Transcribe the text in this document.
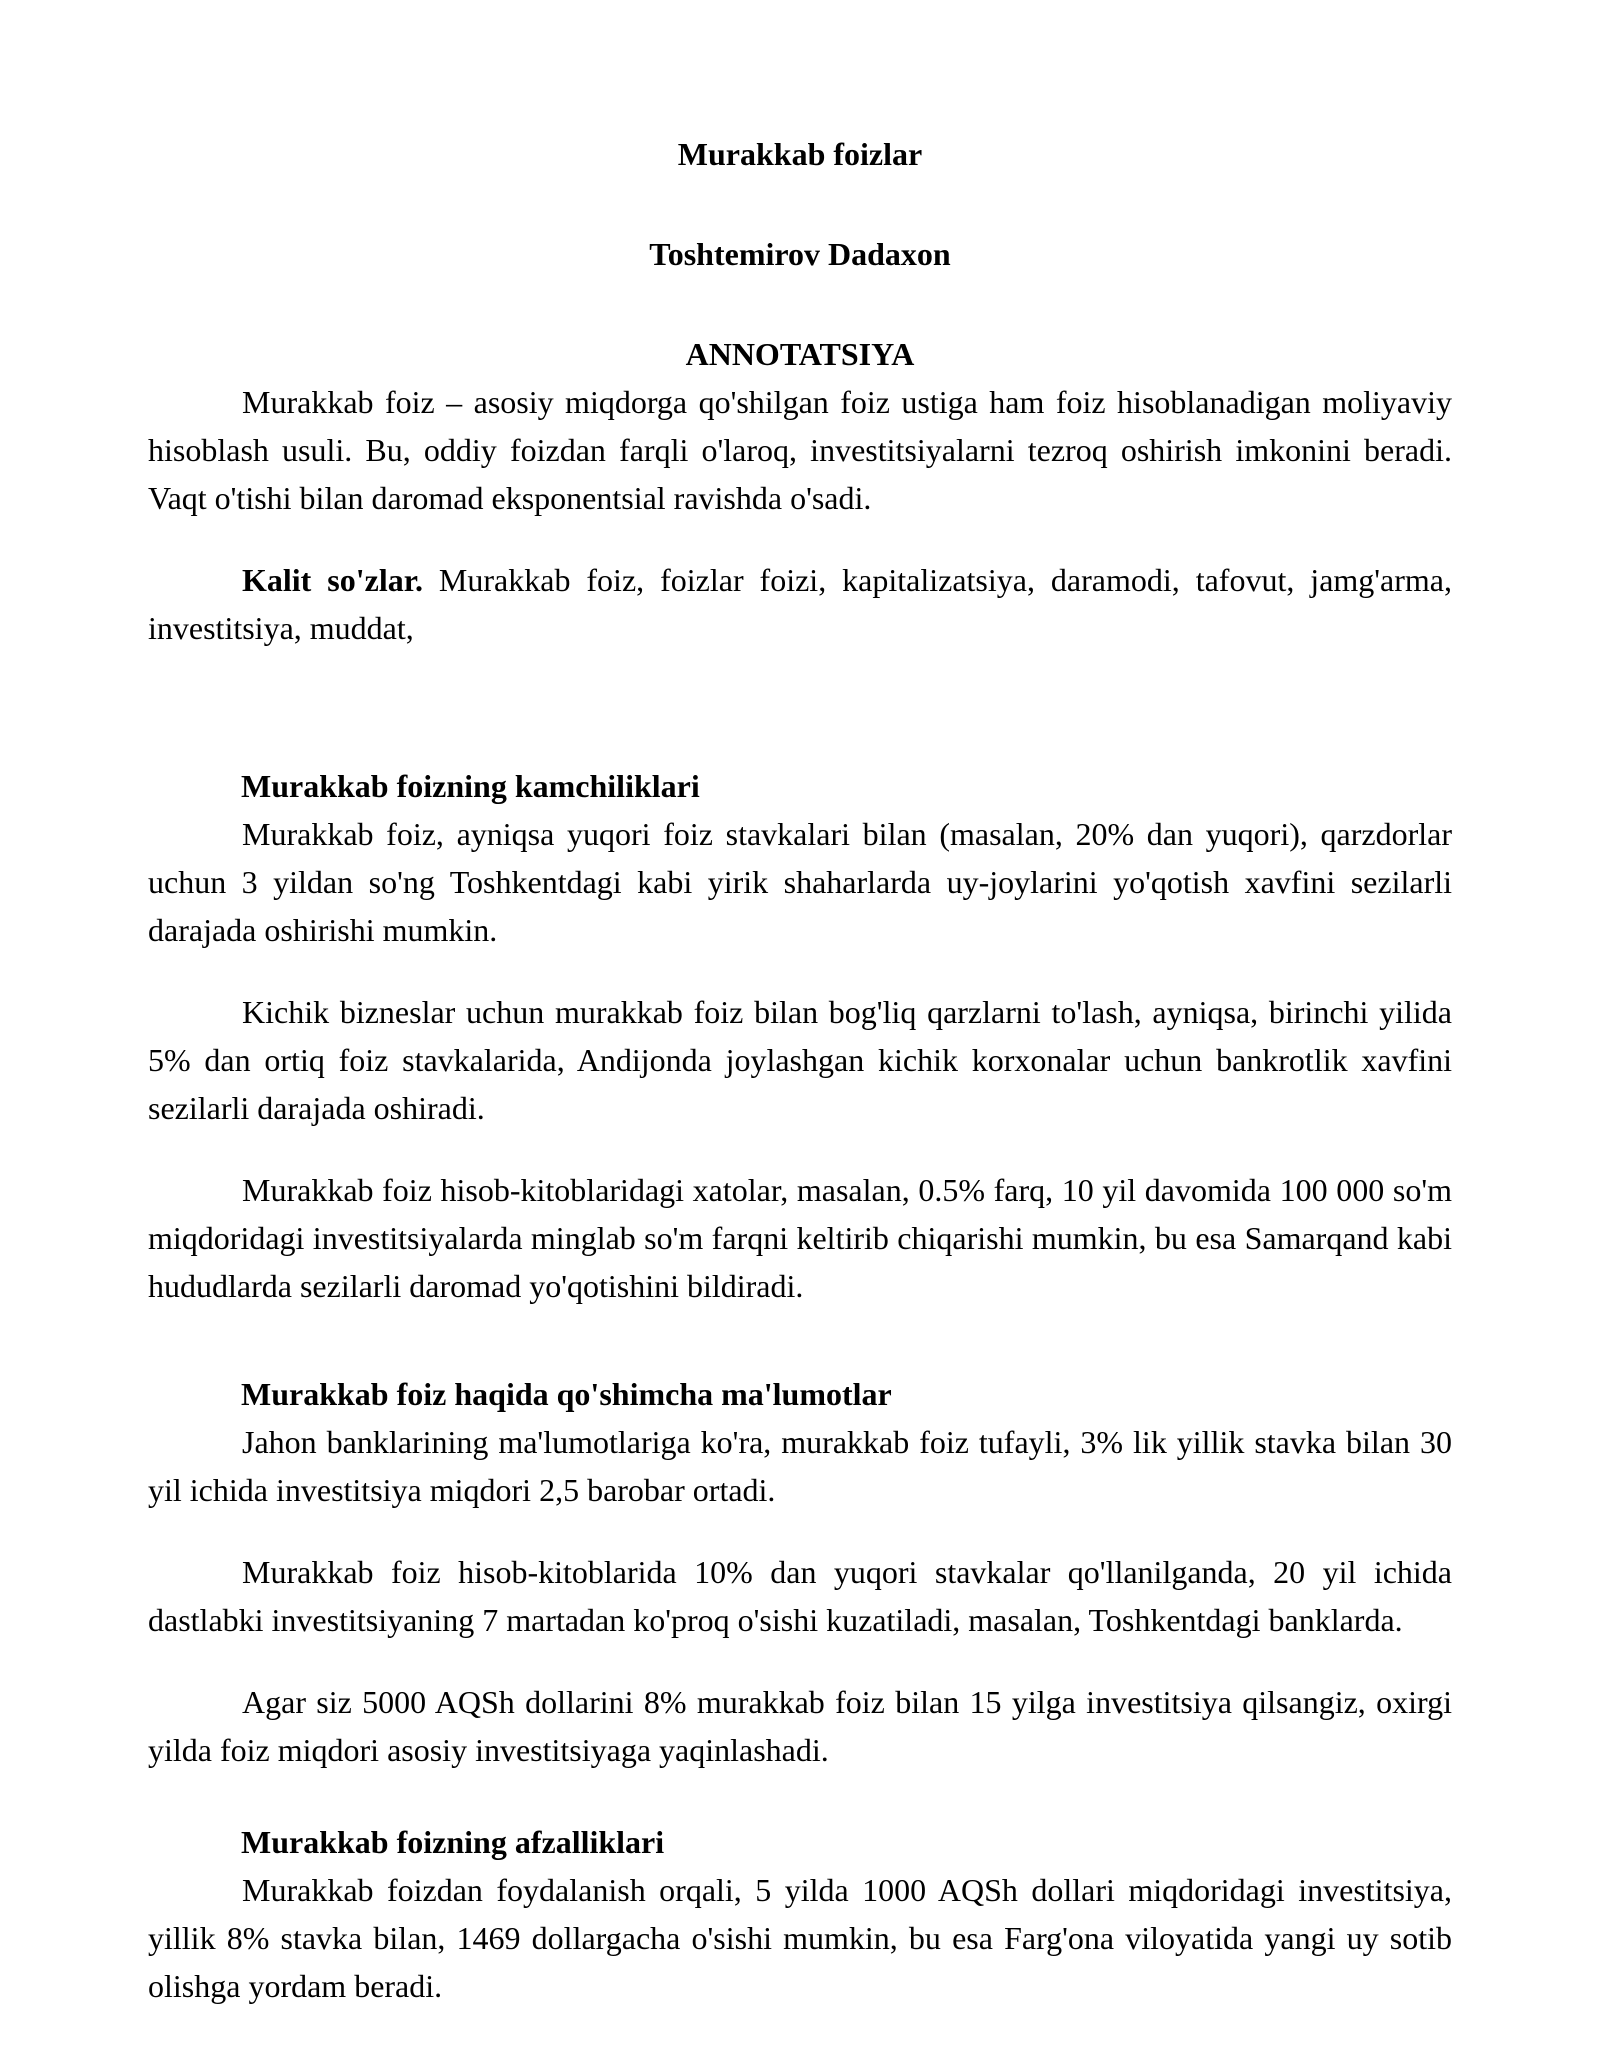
Murakkab foizlar
Toshtemirov Dadaxon
ANNOTATSIYA

Murakkab foiz – asosiy miqdorga qo'shilgan foiz ustiga ham foiz hisoblanadigan moliyaviy hisoblash usuli. Bu, oddiy foizdan farqli o'laroq, investitsiyalarni tezroq oshirish imkonini beradi. Vaqt o'tishi bilan daromad eksponentsial ravishda o'sadi.

Kalit so'zlar. Murakkab foiz, foizlar foizi, kapitalizatsiya, daramodi, tafovut, jamg'arma, investitsiya, muddat,

Murakkab foizning kamchiliklari

Murakkab foiz, ayniqsa yuqori foiz stavkalari bilan (masalan, 20% dan yuqori), qarzdorlar uchun 3 yildan so'ng Toshkentdagi kabi yirik shaharlarda uy-joylarini yo'qotish xavfini sezilarli darajada oshirishi mumkin.

Kichik bizneslar uchun murakkab foiz bilan bog'liq qarzlarni to'lash, ayniqsa, birinchi yilida 5% dan ortiq foiz stavkalarida, Andijonda joylashgan kichik korxonalar uchun bankrotlik xavfini sezilarli darajada oshiradi.

Murakkab foiz hisob-kitoblaridagi xatolar, masalan, 0.5% farq, 10 yil davomida 100 000 so'm miqdoridagi investitsiyalarda minglab so'm farqni keltirib chiqarishi mumkin, bu esa Samarqand kabi hududlarda sezilarli daromad yo'qotishini bildiradi.

Murakkab foiz haqida qo'shimcha ma'lumotlar

Jahon banklarining ma'lumotlariga ko'ra, murakkab foiz tufayli, 3% lik yillik stavka bilan 30 yil ichida investitsiya miqdori 2,5 barobar ortadi.

Murakkab foiz hisob-kitoblarida 10% dan yuqori stavkalar qo'llanilganda, 20 yil ichida dastlabki investitsiyaning 7 martadan ko'proq o'sishi kuzatiladi, masalan, Toshkentdagi banklarda.

Agar siz 5000 AQSh dollarini 8% murakkab foiz bilan 15 yilga investitsiya qilsangiz, oxirgi yilda foiz miqdori asosiy investitsiyaga yaqinlashadi.

Murakkab foizning afzalliklari

Murakkab foizdan foydalanish orqali, 5 yilda 1000 AQSh dollari miqdoridagi investitsiya, yillik 8% stavka bilan, 1469 dollargacha o'sishi mumkin, bu esa Farg'ona viloyatida yangi uy sotib olishga yordam beradi.
